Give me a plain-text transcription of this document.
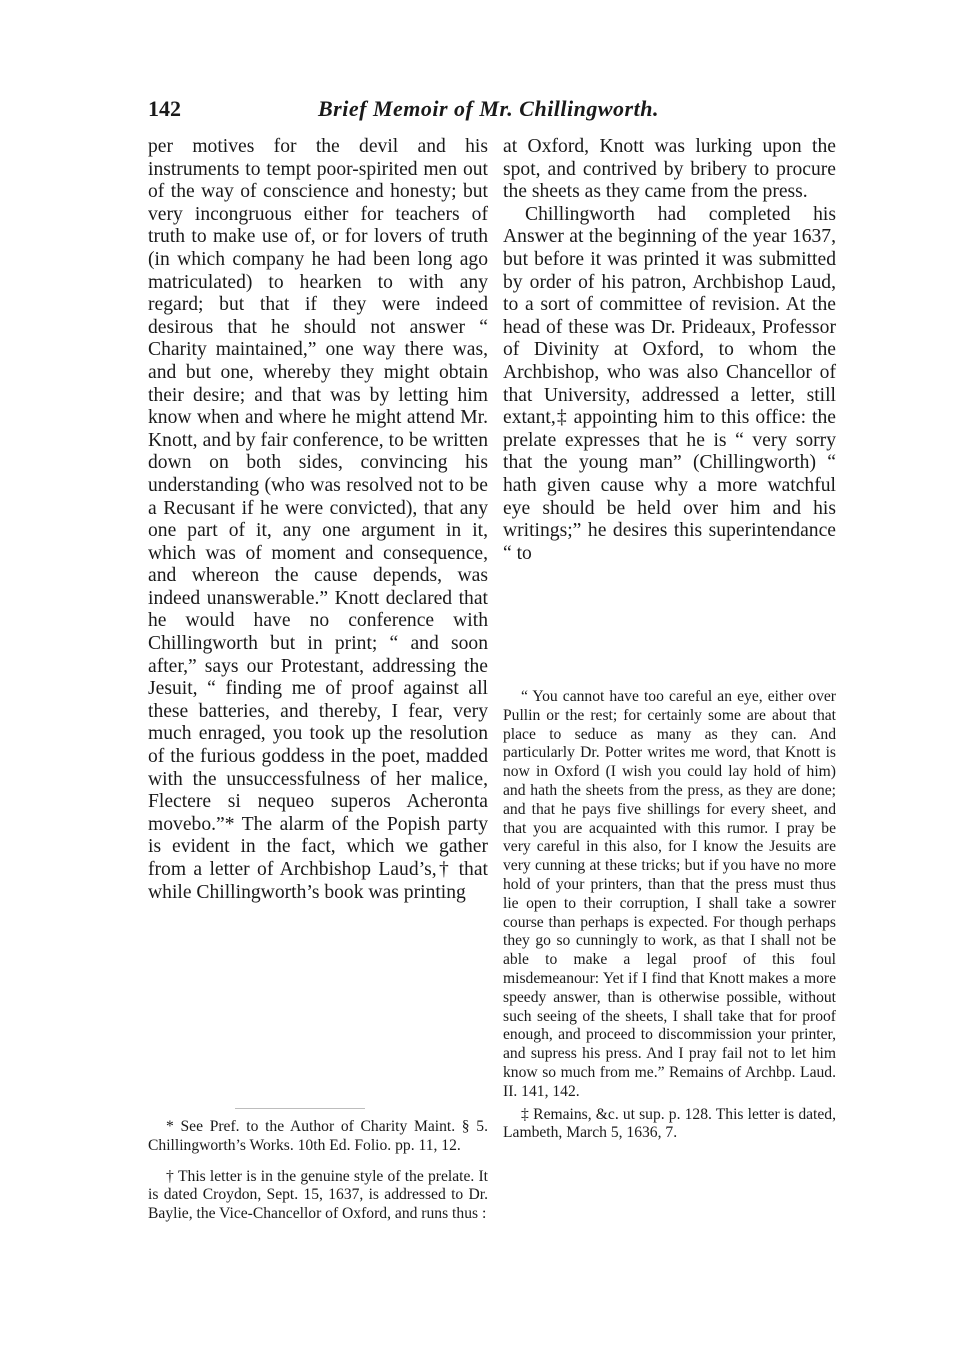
142	Brief Memoir of Mr. Chillingworth.

per motives for the devil and his instruments to tempt poor-spirited men out of the way of conscience and honesty; but very incongruous either for teachers of truth to make use of, or for lovers of truth (in which company he had been long ago matriculated) to hearken to with any regard; but that if they were indeed desirous that he should not answer “ Charity maintained,” one way there was, and but one, whereby they might obtain their desire; and that was by letting him know when and where he might attend Mr. Knott, and by fair conference, to be written down on both sides, convincing his understanding (who was resolved not to be a Recusant if he were convicted), that any one part of it, any one argument in it, which was of moment and consequence, and whereon the cause depends, was indeed unanswerable.” Knott declared that he would have no conference with Chillingworth but in print; “ and soon after,” says our Protestant, addressing the Jesuit, “ finding me of proof against all these batteries, and thereby, I fear, very much enraged, you took up the resolution of the furious goddess in the poet, madded with the unsuccessfulness of her malice, Flectere si nequeo superos Acheronta movebo.”* The alarm of the Popish party is evident in the fact, which we gather from a letter of Archbishop Laud’s,† that while Chillingworth’s book was printing

at Oxford, Knott was lurking upon the spot, and contrived by bribery to procure the sheets as they came from the press.

Chillingworth had completed his Answer at the beginning of the year 1637, but before it was printed it was submitted by order of his patron, Archbishop Laud, to a sort of committee of revision. At the head of these was Dr. Prideaux, Professor of Divinity at Oxford, to whom the Archbishop, who was also Chancellor of that University, addressed a letter, still extant,‡ appointing him to this office: the prelate expresses that he is “ very sorry that the young man” (Chillingworth) “ hath given cause why a more watchful eye should be held over him and his writings;” he desires this superintendance “ to

* See Pref. to the Author of Charity Maint. § 5. Chillingworth’s Works. 10th Ed. Folio. pp. 11, 12.

† This letter is in the genuine style of the prelate. It is dated Croydon, Sept. 15, 1637, is addressed to Dr. Baylie, the Vice-Chancellor of Oxford, and runs thus :

“ You cannot have too careful an eye, either over Pullin or the rest; for certainly some are about that place to seduce as many as they can. And particularly Dr. Potter writes me word, that Knott is now in Oxford (I wish you could lay hold of him) and hath the sheets from the press, as they are done; and that he pays five shillings for every sheet, and that you are acquainted with this rumor. I pray be very careful in this also, for I know the Jesuits are very cunning at these tricks; but if you have no more hold of your printers, than that the press must thus lie open to their corruption, I shall take a sowrer course than perhaps is expected. For though perhaps they go so cunningly to work, as that I shall not be able to make a legal proof of this foul misdemeanour: Yet if I find that Knott makes a more speedy answer, than is otherwise possible, without such seeing of the sheets, I shall take that for proof enough, and proceed to discommission your printer, and supress his press. And I pray fail not to let him know so much from me.” Remains of Archbp. Laud. II. 141, 142.

‡ Remains, &c. ut sup. p. 128. This letter is dated, Lambeth, March 5, 1636, 7.
